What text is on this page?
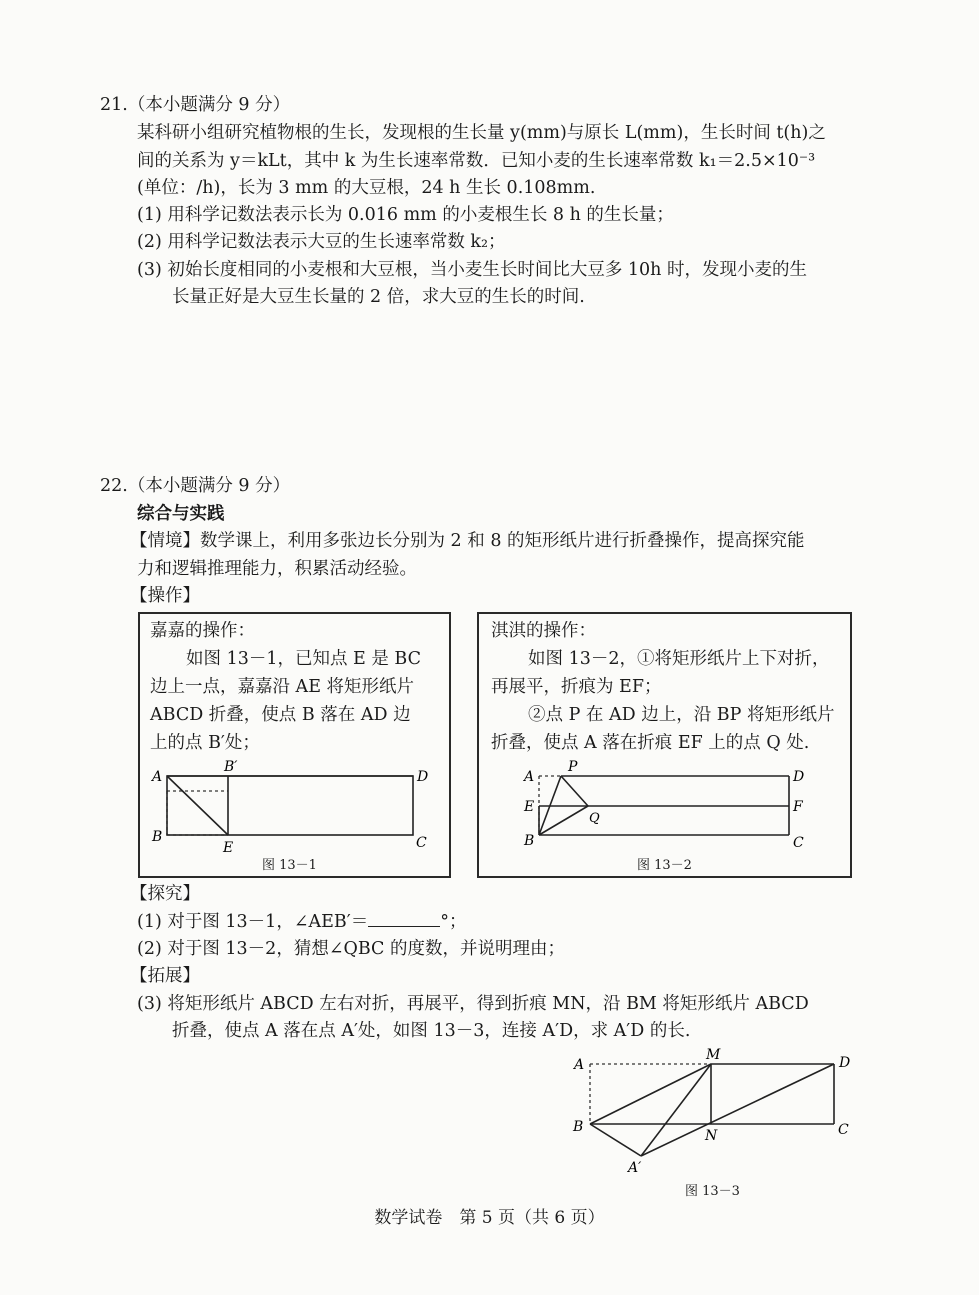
21.（本小题满分 9 分）
某科研小组研究植物根的生长，发现根的生长量 y(mm)与原长 L(mm)，生长时间 t(h)之
间的关系为 y＝kLt，其中 k 为生长速率常数．已知小麦的生长速率常数 k₁＝2.5×10⁻³
(单位：/h)，长为 3 mm 的大豆根，24 h 生长 0.108mm.
(1) 用科学记数法表示长为 0.016 mm 的小麦根生长 8 h 的生长量；
(2) 用科学记数法表示大豆的生长速率常数 k₂；
(3) 初始长度相同的小麦根和大豆根，当小麦生长时间比大豆多 10h 时，发现小麦的生
长量正好是大豆生长量的 2 倍，求大豆的生长的时间.
22.（本小题满分 9 分）
综合与实践
【情境】数学课上，利用多张边长分别为 2 和 8 的矩形纸片进行折叠操作，提高探究能
力和逻辑推理能力，积累活动经验。
【操作】
嘉嘉的操作：
如图 13－1，已知点 E 是 BC
边上一点，嘉嘉沿 AE 将矩形纸片
ABCD 折叠，使点 B 落在 AD 边
上的点 B′处；
A
B′
D
B
E	C
图 13－1
淇淇的操作：
如图 13－2，①将矩形纸片上下对折，
再展平，折痕为 EF；
②点 P 在 AD 边上，沿 BP 将矩形纸片
折叠，使点 A 落在折痕 EF 上的点 Q 处.
A
P
D
E
Q
F
B	C
图 13－2
【探究】
(1) 对于图 13－1，∠AEB′＝	°；
(2) 对于图 13－2，猜想∠QBC 的度数，并说明理由；
【拓展】
(3) 将矩形纸片 ABCD 左右对折，再展平，得到折痕 MN，沿 BM 将矩形纸片 ABCD
折叠，使点 A 落在点 A′处，如图 13－3，连接 A′D，求 A′D 的长.
A
M	D
B
N	C
A′
图 13－3
数学试卷　第 5 页（共 6 页）
